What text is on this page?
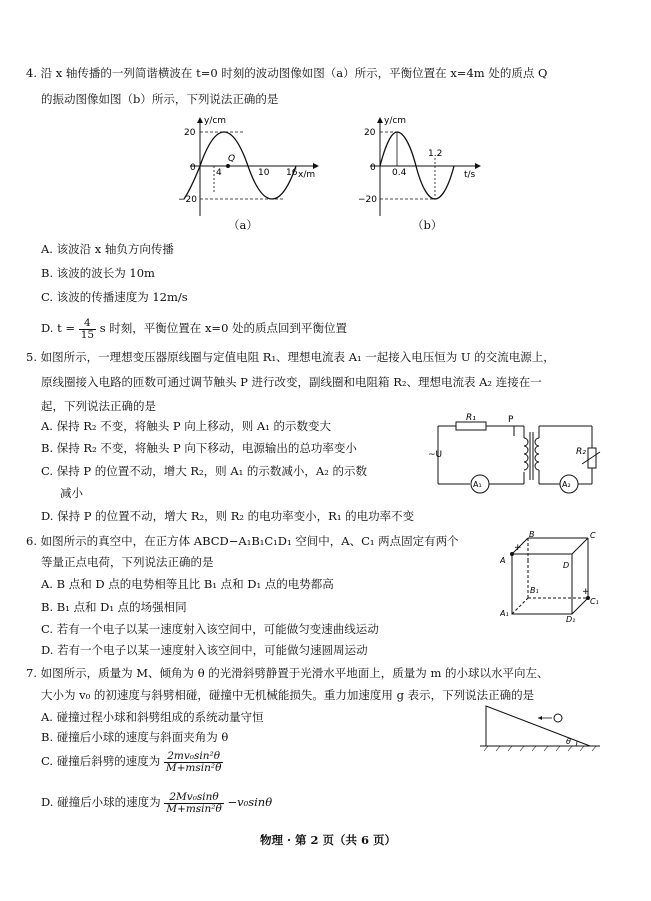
4. 沿 x 轴传播的一列简谐横波在 t=0 时刻的波动图像如图（a）所示，平衡位置在 x=4m 处的质点 Q
的振动图像如图（b）所示，下列说法正确的是
y/cm
x/m
20
0
−20
Q
4	10 16
（a）
y/cm
t/s
20
0
−20
0.4
1.2
（b）
A. 该波沿 x 轴负方向传播
B. 该波的波长为 10m
C. 该波的传播速度为 12m/s
D. $t = \frac{4}{15}$ s 时刻，平衡位置在 x=0 处的质点回到平衡位置
5. 如图所示，一理想变压器原线圈与定值电阻 R₁、理想电流表 A₁ 一起接入电压恒为 U 的交流电源上，
原线圈接入电路的匝数可通过调节触头 P 进行改变，副线圈和电阻箱 R₂、理想电流表 A₂ 连接在一
起，下列说法正确的是
A. 保持 R₂ 不变，将触头 P 向上移动，则 A₁ 的示数变大
B. 保持 R₂ 不变，将触头 P 向下移动，电源输出的总功率变小
C. 保持 P 的位置不动，增大 R₂，则 A₁ 的示数减小，A₂ 的示数
减小
D. 保持 P 的位置不动，增大 R₂，则 R₂ 的电功率变小，R₁ 的电功率不变
R₁	P
~U	R₂
A₁	A₂
6. 如图所示的真空中，在正方体 ABCD−A₁B₁C₁D₁ 空间中，A、C₁ 两点固定有两个
等量正点电荷，下列说法正确的是
A. B 点和 D 点的电势相等且比 B₁ 点和 D₁ 点的电势都高
B. B₁ 点和 D₁ 点的场强相同
C. 若有一个电子以某一速度射入该空间中，可能做匀变速曲线运动
D. 若有一个电子以某一速度射入该空间中，可能做匀速圆周运动
B	C
A
D
B₁
C₁
A₁
D₁
+
+
7. 如图所示，质量为 M、倾角为 θ 的光滑斜劈静置于光滑水平地面上，质量为 m 的小球以水平向左、
大小为 v₀ 的初速度与斜劈相碰，碰撞中无机械能损失。重力加速度用 g 表示，下列说法正确的是
A. 碰撞过程小球和斜劈组成的系统动量守恒
B. 碰撞后小球的速度与斜面夹角为 θ
C. 碰撞后斜劈的速度为 $\frac{\text{2mv₀sin²θ}}{\text{M+msin²θ}}$
D. 碰撞后小球的速度为 $\frac{\text{2Mv₀sinθ}}{\text{M+msin²θ}} -v_0\sin\theta$
θ
物理 · 第 2 页（共 6 页）
